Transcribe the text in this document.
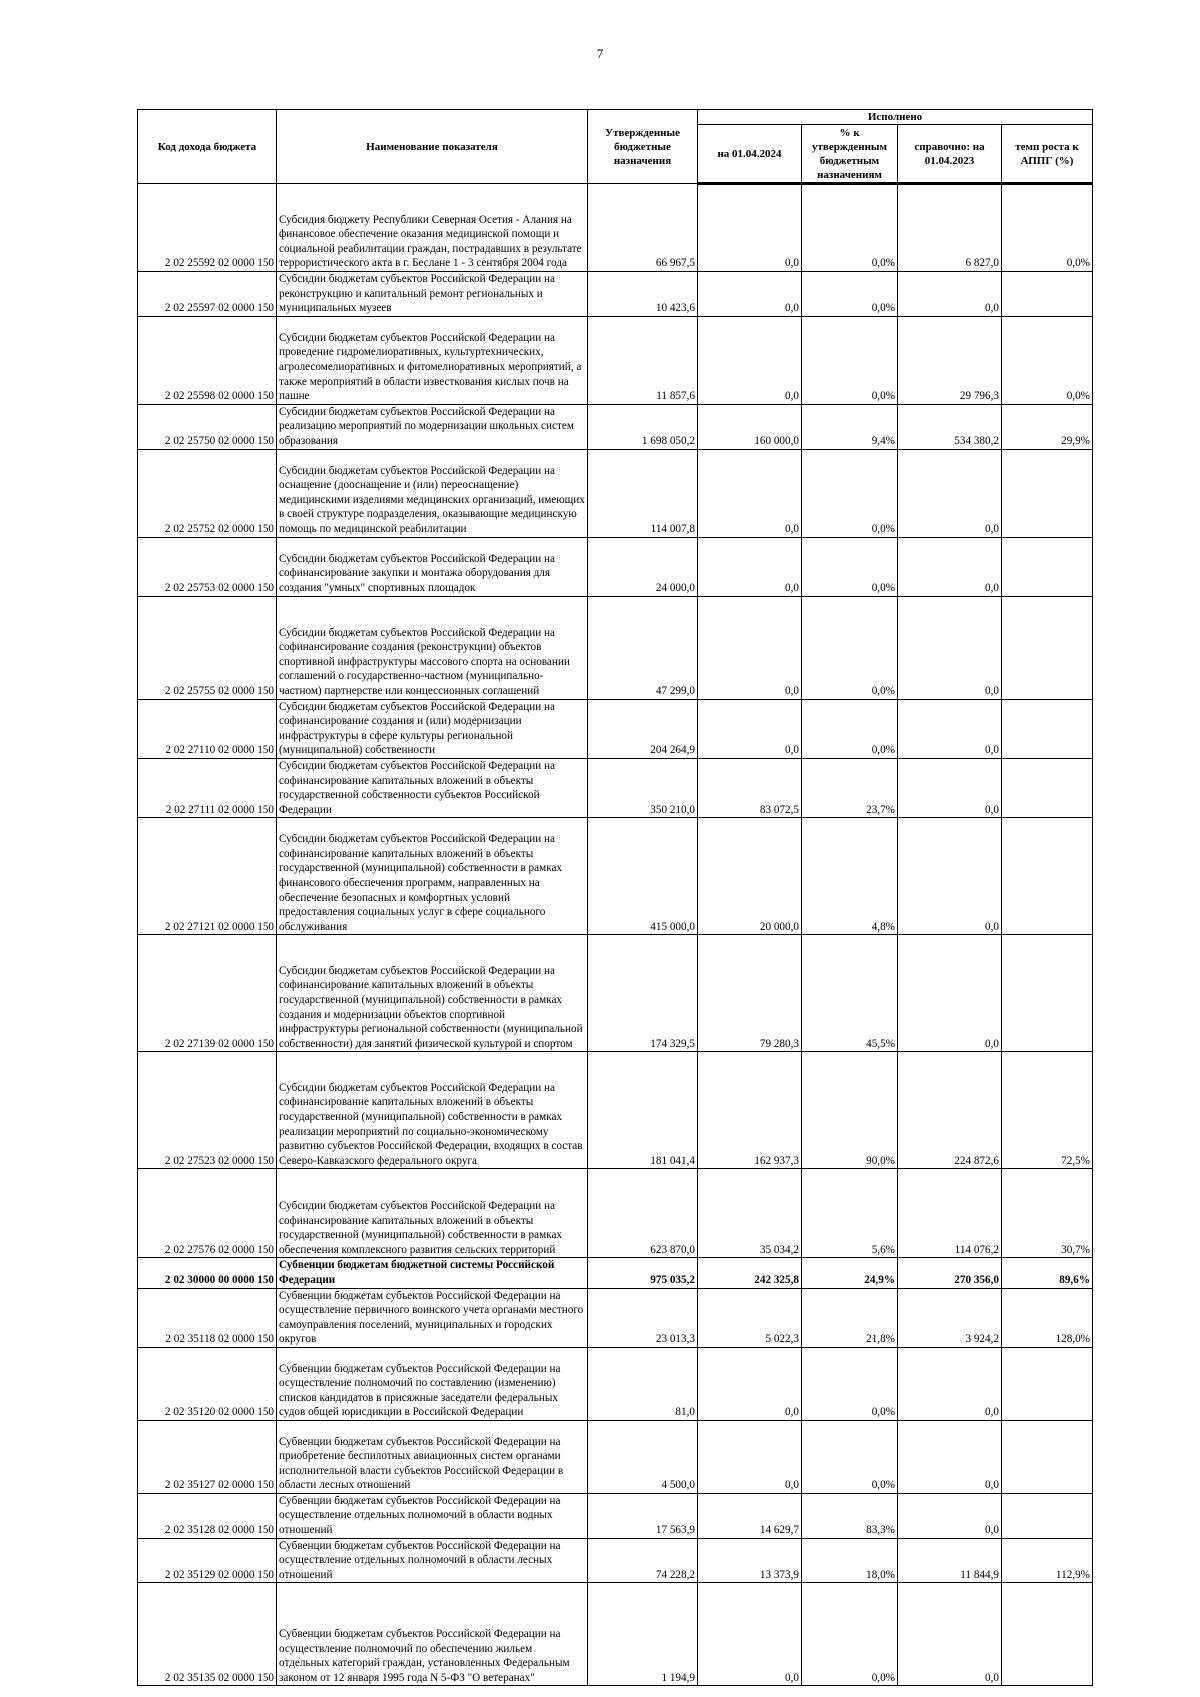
7
Код дохода бюджета	Наименование показателя	Утвержденные бюджетные назначения	Исполнено			
			на 01.04.2024	% к утвержденным бюджетным назначениям	справочно: на 01.04.2023	темп роста к АППГ (%)
2 02 25592 02 0000 150	Субсидия бюджету Республики Северная Осетия - Алания на финансовое обеспечение оказания медицинской помощи и социальной реабилитации граждан, пострадавших в результате террористического акта в г. Беслане 1 - 3 сентября 2004 года	66 967,5	0,0	0,0%	6 827,0	0,0%
2 02 25597 02 0000 150	Субсидии бюджетам субъектов Российской Федерации на реконструкцию и капитальный ремонт региональных и муниципальных музеев	10 423,6	0,0	0,0%	0,0	
2 02 25598 02 0000 150	Субсидии бюджетам субъектов Российской Федерации на проведение гидромелиоративных, культуртехнических, агролесомелиоративных и фитомелиоративных мероприятий, а также мероприятий в области известкования кислых почв на пашне	11 857,6	0,0	0,0%	29 796,3	0,0%
2 02 25750 02 0000 150	Субсидии бюджетам субъектов Российской Федерации на реализацию мероприятий по модернизации школьных систем образования	1 698 050,2	160 000,0	9,4%	534 380,2	29,9%
2 02 25752 02 0000 150	Субсидии бюджетам субъектов Российской Федерации на оснащение (дооснащение и (или) переоснащение) медицинскими изделиями медицинских организаций, имеющих в своей структуре подразделения, оказывающие медицинскую помощь по медицинской реабилитации	114 007,8	0,0	0,0%	0,0	
2 02 25753 02 0000 150	Субсидии бюджетам субъектов Российской Федерации на софинансирование закупки и монтажа оборудования для создания "умных" спортивных площадок	24 000,0	0,0	0,0%	0,0	
2 02 25755 02 0000 150	Субсидии бюджетам субъектов Российской Федерации на софинансирование создания (реконструкции) объектов спортивной инфраструктуры массового спорта на основании соглашений о государственно-частном (муниципально-частном) партнерстве или концессионных соглашений	47 299,0	0,0	0,0%	0,0	
2 02 27110 02 0000 150	Субсидии бюджетам субъектов Российской Федерации на софинансирование создания и (или) модернизации инфраструктуры в сфере культуры региональной (муниципальной) собственности	204 264,9	0,0	0,0%	0,0	
2 02 27111 02 0000 150	Субсидии бюджетам субъектов Российской Федерации на софинансирование капитальных вложений в объекты государственной собственности субъектов Российской Федерации	350 210,0	83 072,5	23,7%	0,0	
2 02 27121 02 0000 150	Субсидии бюджетам субъектов Российской Федерации на софинансирование капитальных вложений в объекты государственной (муниципальной) собственности в рамках финансового обеспечения программ, направленных на обеспечение безопасных и комфортных условий предоставления социальных услуг в сфере социального обслуживания	415 000,0	20 000,0	4,8%	0,0	
2 02 27139 02 0000 150	Субсидии бюджетам субъектов Российской Федерации на софинансирование капитальных вложений в объекты государственной (муниципальной) собственности в рамках создания и модернизации объектов спортивной инфраструктуры региональной собственности (муниципальной собственности) для занятий физической культурой и спортом	174 329,5	79 280,3	45,5%	0,0	
2 02 27523 02 0000 150	Субсидии бюджетам субъектов Российской Федерации на софинансирование капитальных вложений в объекты государственной (муниципальной) собственности в рамках реализации мероприятий по социально-экономическому развитию субъектов Российской Федерации, входящих в состав Северо-Кавказского федерального округа	181 041,4	162 937,3	90,0%	224 872,6	72,5%
2 02 27576 02 0000 150	Субсидии бюджетам субъектов Российской Федерации на софинансирование капитальных вложений в объекты государственной (муниципальной) собственности в рамках обеспечения комплексного развития сельских территорий	623 870,0	35 034,2	5,6%	114 076,2	30,7%
2 02 30000 00 0000 150	Субвенции бюджетам бюджетной системы Российской Федерации	975 035,2	242 325,8	24,9%	270 356,0	89,6%
2 02 35118 02 0000 150	Субвенции бюджетам субъектов Российской Федерации на осуществление первичного воинского учета органами местного самоуправления поселений, муниципальных и городских округов	23 013,3	5 022,3	21,8%	3 924,2	128,0%
2 02 35120 02 0000 150	Субвенции бюджетам субъектов Российской Федерации на осуществление полномочий по составлению (изменению) списков кандидатов в присяжные заседатели федеральных судов общей юрисдикции в Российской Федерации	81,0	0,0	0,0%	0,0	
2 02 35127 02 0000 150	Субвенции бюджетам субъектов Российской Федерации на приобретение беспилотных авиационных систем органами исполнительной власти субъектов Российской Федерации в области лесных отношений	4 500,0	0,0	0,0%	0,0	
2 02 35128 02 0000 150	Субвенции бюджетам субъектов Российской Федерации на осуществление отдельных полномочий в области водных отношений	17 563,9	14 629,7	83,3%	0,0	
2 02 35129 02 0000 150	Субвенции бюджетам субъектов Российской Федерации на осуществление отдельных полномочий в области лесных отношений	74 228,2	13 373,9	18,0%	11 844,9	112,9%
2 02 35135 02 0000 150	Субвенции бюджетам субъектов Российской Федерации на осуществление полномочий по обеспечению жильем отдельных категорий граждан, установленных Федеральным законом от 12 января 1995 года N 5-ФЗ "О ветеранах"	1 194,9	0,0	0,0%	0,0	
